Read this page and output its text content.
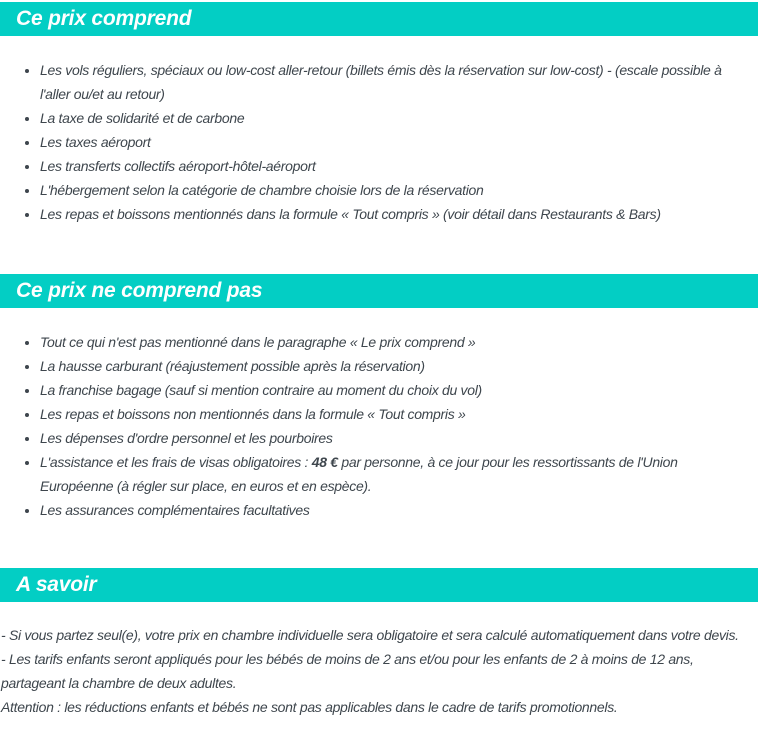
Ce prix comprend
• Les vols réguliers, spéciaux ou low-cost aller-retour (billets émis dès la réservation sur low-cost) - (escale possible à l'aller ou/et au retour)
• La taxe de solidarité et de carbone
• Les taxes aéroport
• Les transferts collectifs aéroport-hôtel-aéroport
• L'hébergement selon la catégorie de chambre choisie lors de la réservation
• Les repas et boissons mentionnés dans la formule « Tout compris » (voir détail dans Restaurants & Bars)
Ce prix ne comprend pas
• Tout ce qui n'est pas mentionné dans le paragraphe « Le prix comprend »
• La hausse carburant (réajustement possible après la réservation)
• La franchise bagage (sauf si mention contraire au moment du choix du vol)
• Les repas et boissons non mentionnés dans la formule « Tout compris »
• Les dépenses d'ordre personnel et les pourboires
• L'assistance et les frais de visas obligatoires : 48 € par personne, à ce jour pour les ressortissants de l'Union Européenne (à régler sur place, en euros et en espèce).
• Les assurances complémentaires facultatives
A savoir

- Si vous partez seul(e), votre prix en chambre individuelle sera obligatoire et sera calculé automatiquement dans votre devis.

- Les tarifs enfants seront appliqués pour les bébés de moins de 2 ans et/ou pour les enfants de 2 à moins de 12 ans, partageant la chambre de deux adultes.

Attention : les réductions enfants et bébés ne sont pas applicables dans le cadre de tarifs promotionnels.
